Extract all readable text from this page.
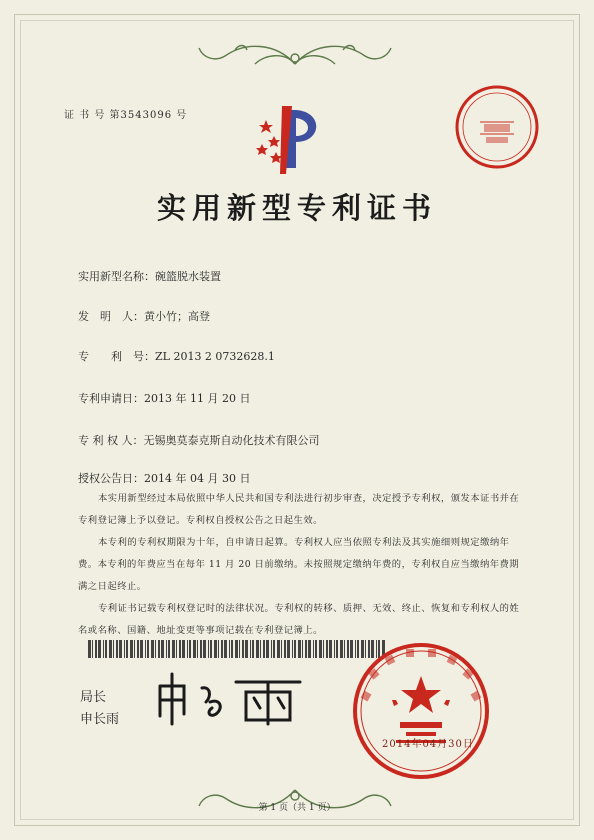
证 书 号 第3543096 号
实用新型专利证书
实用新型名称：碗篮脱水装置
发　明　人：黄小竹；高登
专　　利　号：ZL 2013 2 0732628.1
专利申请日：2013 年 11 月 20 日
专 利 权 人：无锡奥莫泰克斯自动化技术有限公司
授权公告日：2014 年 04 月 30 日

本实用新型经过本局依照中华人民共和国专利法进行初步审查，决定授予专利权，颁发本证书并在专利登记簿上予以登记。专利权自授权公告之日起生效。

本专利的专利权期限为十年，自申请日起算。专利权人应当依照专利法及其实施细则规定缴纳年费。本专利的年费应当在每年 11 月 20 日前缴纳。未按照规定缴纳年费的，专利权自应当缴纳年费期满之日起终止。

专利证书记载专利权登记时的法律状况。专利权的转移、质押、无效、终止、恢复和专利权人的姓名或名称、国籍、地址变更等事项记载在专利登记簿上。

局长
申长雨
2014年04月30日
第 1 页（共 1 页）
